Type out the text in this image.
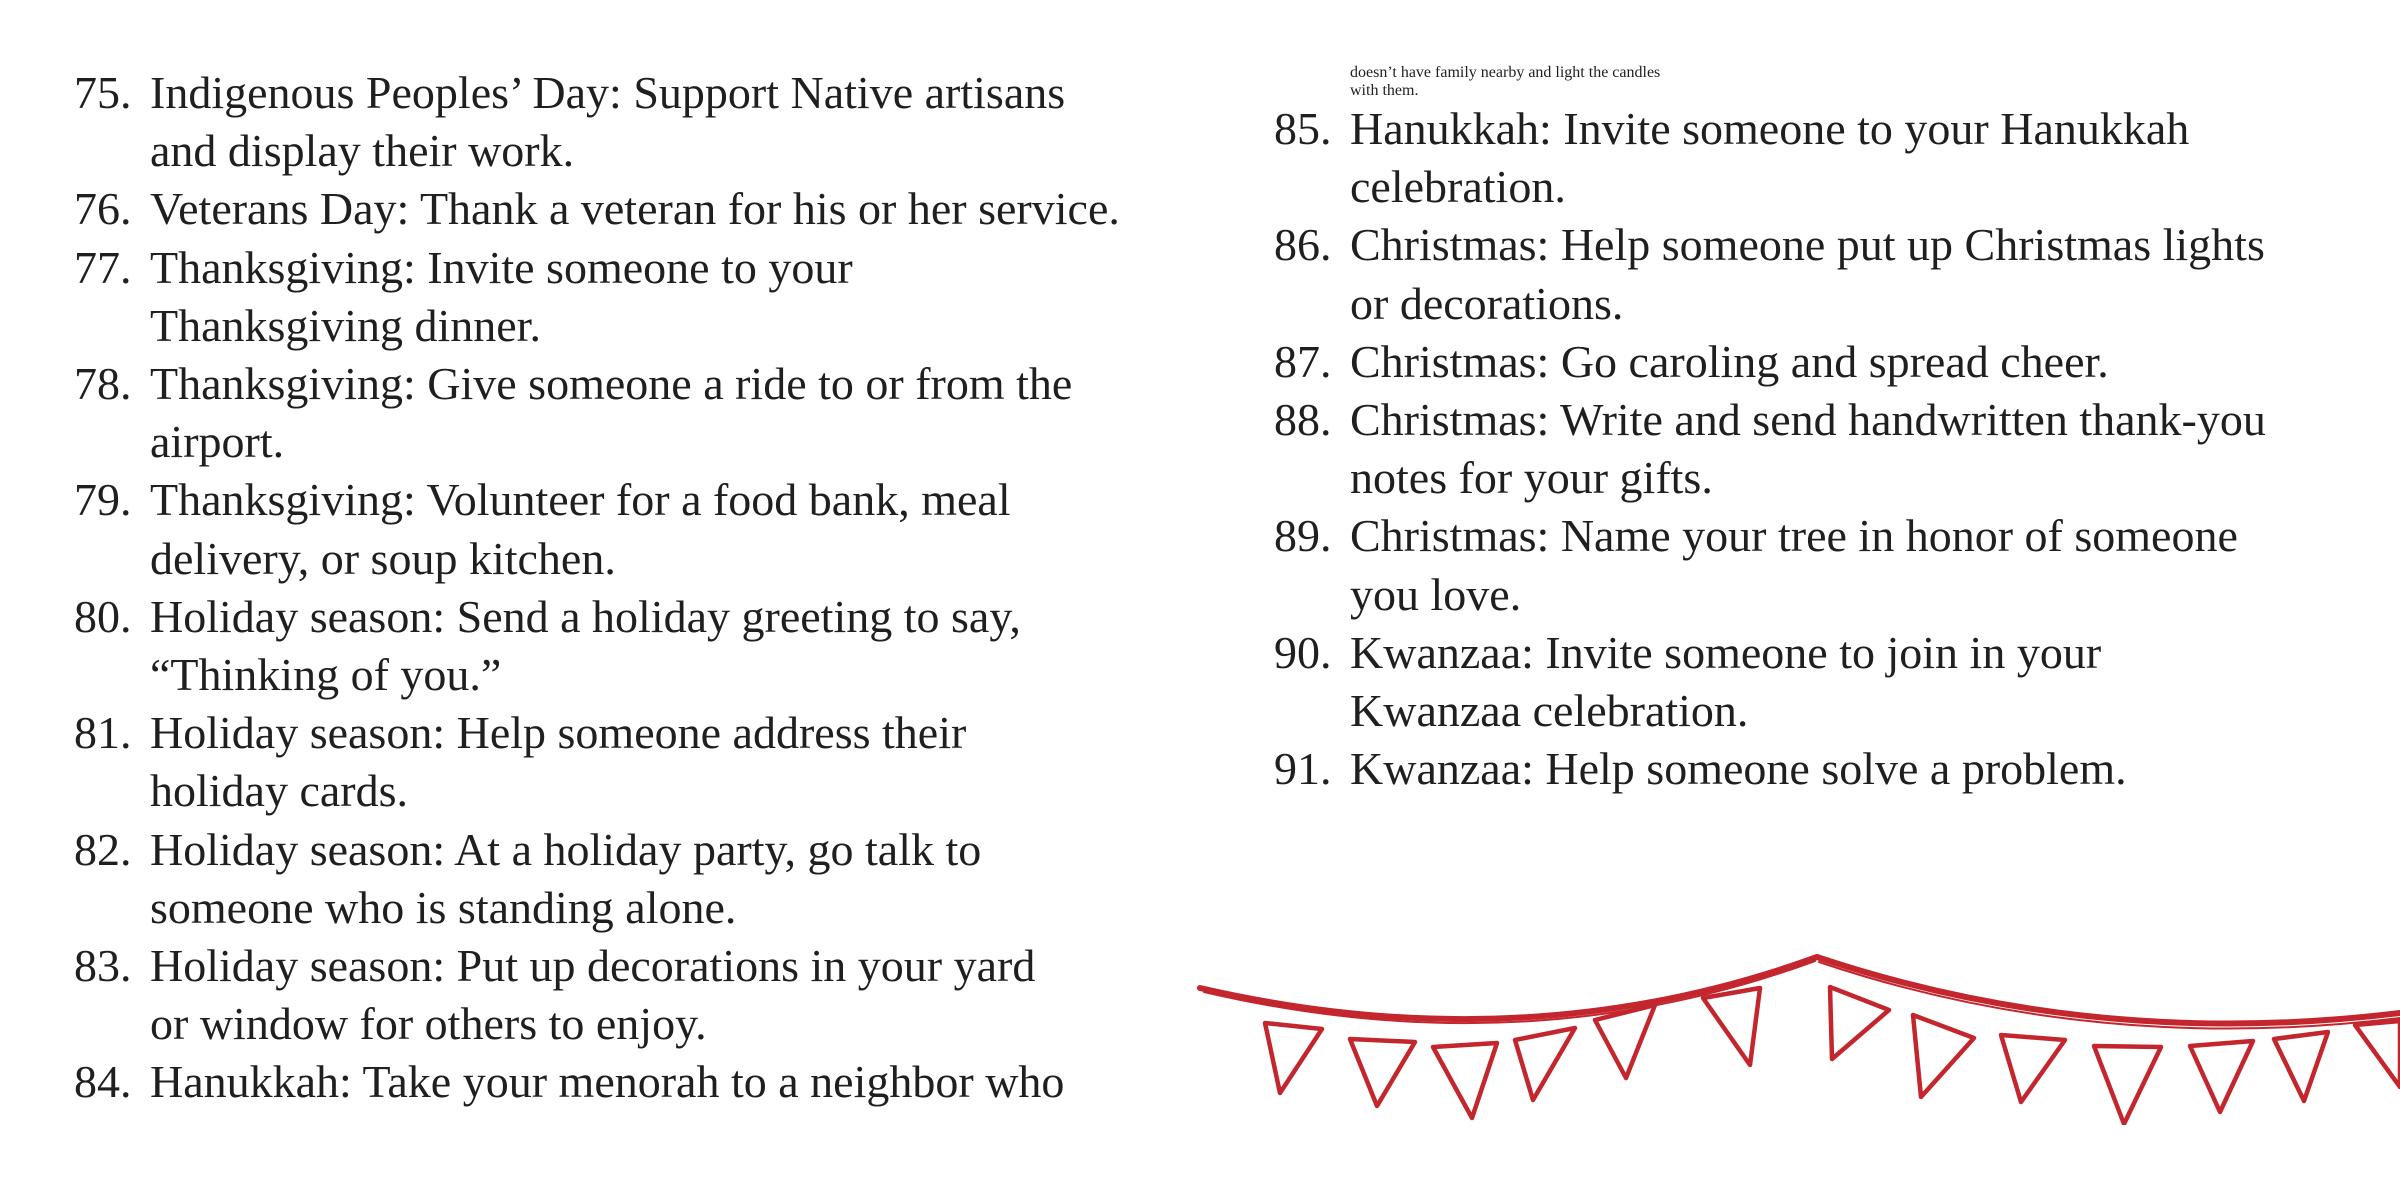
75. Indigenous Peoples’ Day: Support Native artisans
and display their work.
76. Veterans Day: Thank a veteran for his or her service.
77. Thanksgiving: Invite someone to your
Thanksgiving dinner.
78. Thanksgiving: Give someone a ride to or from the
airport.
79. Thanksgiving: Volunteer for a food bank, meal
delivery, or soup kitchen.
80. Holiday season: Send a holiday greeting to say,
“Thinking of you.”
81. Holiday season: Help someone address their
holiday cards.
82. Holiday season: At a holiday party, go talk to
someone who is standing alone.
83. Holiday season: Put up decorations in your yard
or window for others to enjoy.
84. Hanukkah: Take your menorah to a neighbor who
doesn’t have family nearby and light the candles
with them.
85. Hanukkah: Invite someone to your Hanukkah
celebration.
86. Christmas: Help someone put up Christmas lights
or decorations.
87. Christmas: Go caroling and spread cheer.
88. Christmas: Write and send handwritten thank-you
notes for your gifts.
89. Christmas: Name your tree in honor of someone
you love.
90. Kwanzaa: Invite someone to join in your
Kwanzaa celebration.
91. Kwanzaa: Help someone solve a problem.
